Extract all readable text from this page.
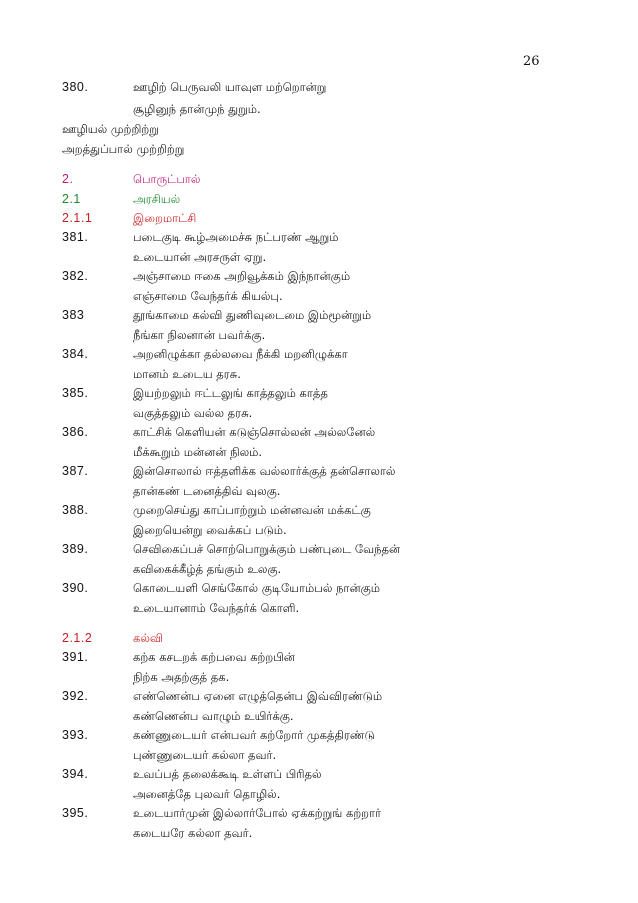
26
380.	ஊழிற் பெருவலி யாவுள மற்றொன்று
சூழினுந் தான்முந் துறும்.
ஊழியல் முற்றிற்று
அறத்துப்பால் முற்றிற்று
2.	பொருட்பால்
2.1	அரசியல்
2.1.1	இறைமாட்சி
381.	படைகுடி கூழ்அமைச்சு நட்பரண் ஆறும்
உடையான் அரசருள் ஏறு.
382.	அஞ்சாமை ஈகை அறிவூக்கம் இந்நான்கும்
எஞ்சாமை வேந்தர்க் கியல்பு.
383	தூங்காமை கல்வி துணிவுடைமை இம்மூன்றும்
நீங்கா நிலனான் பவர்க்கு.
384.	அறனிழுக்கா தல்லவை நீக்கி மறனிழுக்கா
மானம் உடைய தரசு.
385.	இயற்றலும் ஈட்டலுங் காத்தலும் காத்த
வகுத்தலும் வல்ல தரசு.
386.	காட்சிக் கெளியன் கடுஞ்சொல்லன் அல்லனேல்
மீக்கூறும் மன்னன் நிலம்.
387.	இன்சொலால் ஈத்தளிக்க வல்லார்க்குத் தன்சொலால்
தான்கண் டனைத்திவ் வுலகு.
388.	முறைசெய்து காப்பாற்றும் மன்னவன் மக்கட்கு
இறையென்று வைக்கப் படும்.
389.	செவிகைப்பச் சொற்பொறுக்கும் பண்புடை வேந்தன்
கவிகைக்கீழ்த் தங்கும் உலகு.
390.	கொடையளி செங்கோல் குடியோம்பல் நான்கும்
உடையானாம் வேந்தர்க் கொளி.
2.1.2	கல்வி
391.	கற்க கசடறக் கற்பவை கற்றபின்
நிற்க அதற்குத் தக.
392.	எண்ணென்ப ஏனை எழுத்தென்ப இவ்விரண்டும்
கண்ணென்ப வாழும் உயிர்க்கு.
393.	கண்ணுடையர் என்பவர் கற்றோர் முகத்திரண்டு
புண்ணுடையர் கல்லா தவர்.
394.	உவப்பத் தலைக்கூடி உள்ளப் பிரிதல்
அனைத்தே புலவர் தொழில்.
395.	உடையார்முன் இல்லார்போல் ஏக்கற்றுங் கற்றார்
கடையரே கல்லா தவர்.
